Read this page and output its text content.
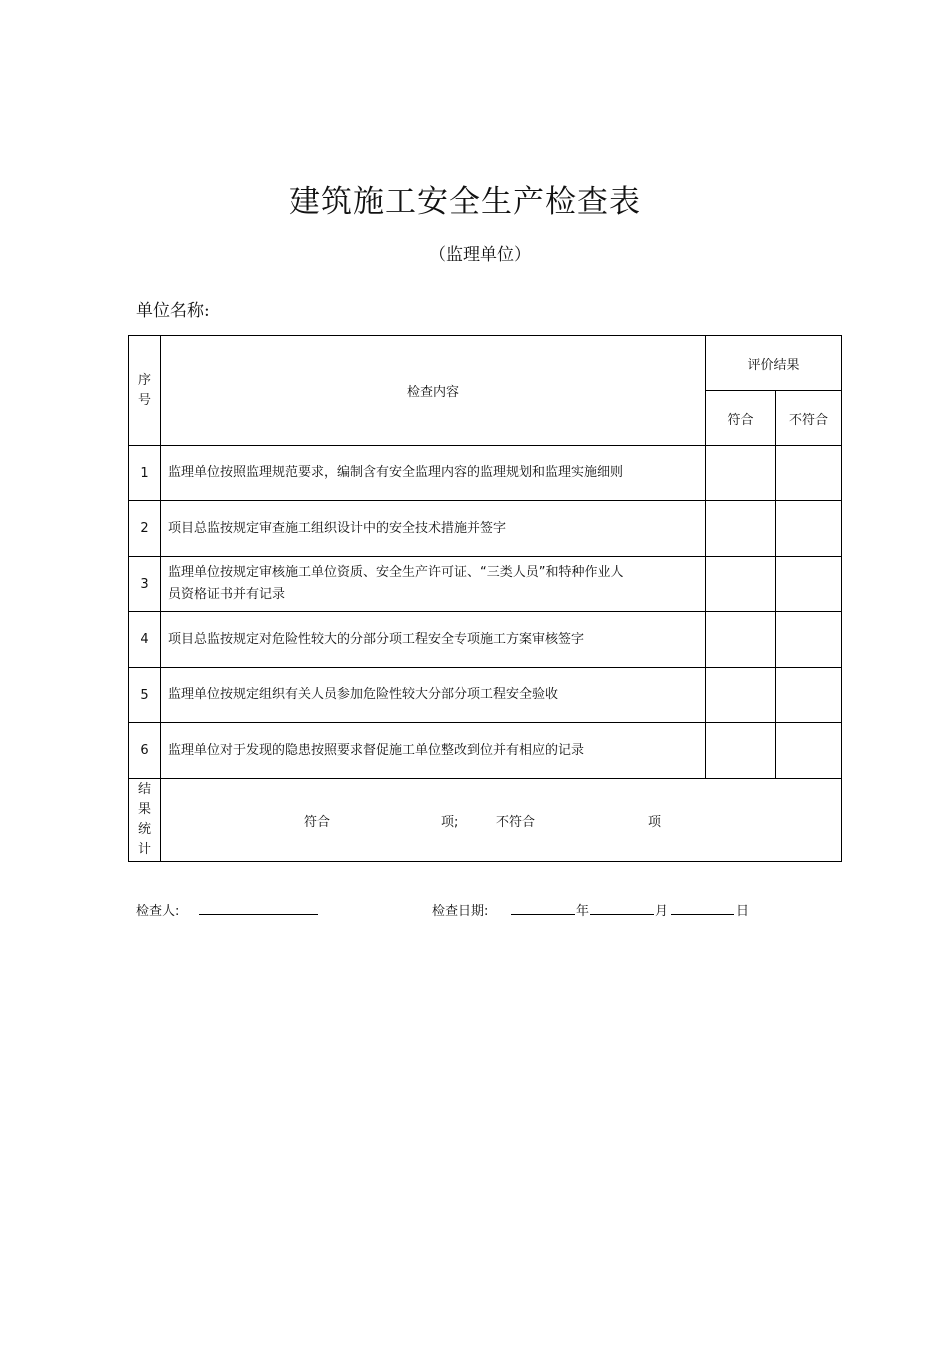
建筑施工安全生产检查表
（监理单位）
单位名称:
序号	检查内容	评价结果	
		符合	不符合
1	监理单位按照监理规范要求，编制含有安全监理内容的监理规划和监理实施细则		

2	项目总监按规定审查施工组织设计中的安全技术措施并签字		

3	监理单位按规定审核施工单位资质、安全生产许可证、“三类人员”和特种作业人员资格证书并有记录		

4	项目总监按规定对危险性较大的分部分项工程安全专项施工方案审核签字		

5	监理单位按规定组织有关人员参加危险性较大分部分项工程安全验收		

6	监理单位对于发现的隐患按照要求督促施工单位整改到位并有相应的记录		

结果统计	符合 项; 不符合 项		
检查人:	检查日期:	年	月	日
